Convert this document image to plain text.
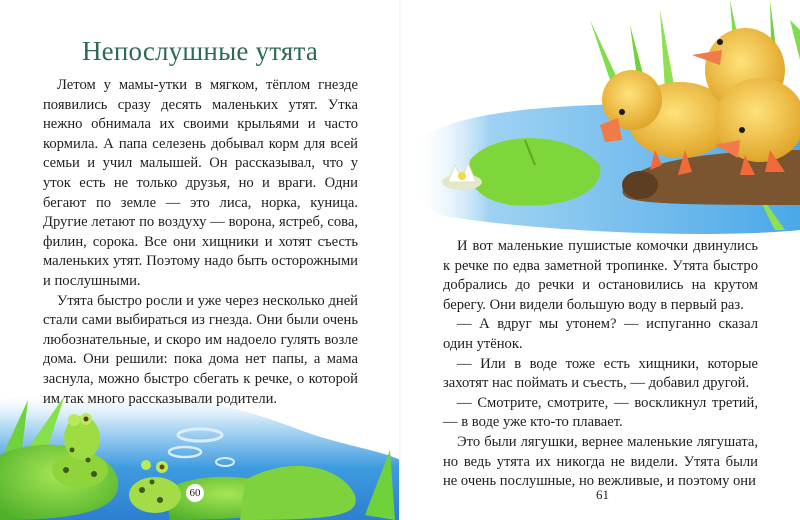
Непослушные утята

Летом у мамы-утки в мягком, тёплом гнезде появились сразу десять маленьких утят. Утка нежно обнимала их своими крыльями и часто кормила. А папа селезень добывал корм для всей семьи и учил малышей. Он рассказывал, что у уток есть не только друзья, но и враги. Одни бегают по земле — это лиса, норка, куница. Другие летают по воздуху — ворона, ястреб, сова, филин, сорока. Все они хищники и хотят съесть маленьких утят. Поэтому надо быть осторожными и послушными.

Утята быстро росли и уже через несколько дней стали сами выбираться из гнезда. Они были очень любознательные, и скоро им надоело гулять возле дома. Они решили: пока дома нет папы, а мама заснула, можно быстро сбегать к речке, о которой им так много рассказывали родители.

60

И вот маленькие пушистые комочки двинулись к речке по едва заметной тропинке. Утята быстро добрались до речки и остановились на крутом берегу. Они видели большую воду в первый раз.

— А вдруг мы утонем? — испуганно сказал один утёнок.

— Или в воде тоже есть хищники, которые захотят нас поймать и съесть, — добавил другой.

— Смотрите, смотрите, — воскликнул третий, — в воде уже кто-то плавает.

Это были лягушки, вернее маленькие лягушата, но ведь утята их никогда не видели. Утята были не очень послушные, но вежливые, и поэтому они

61
